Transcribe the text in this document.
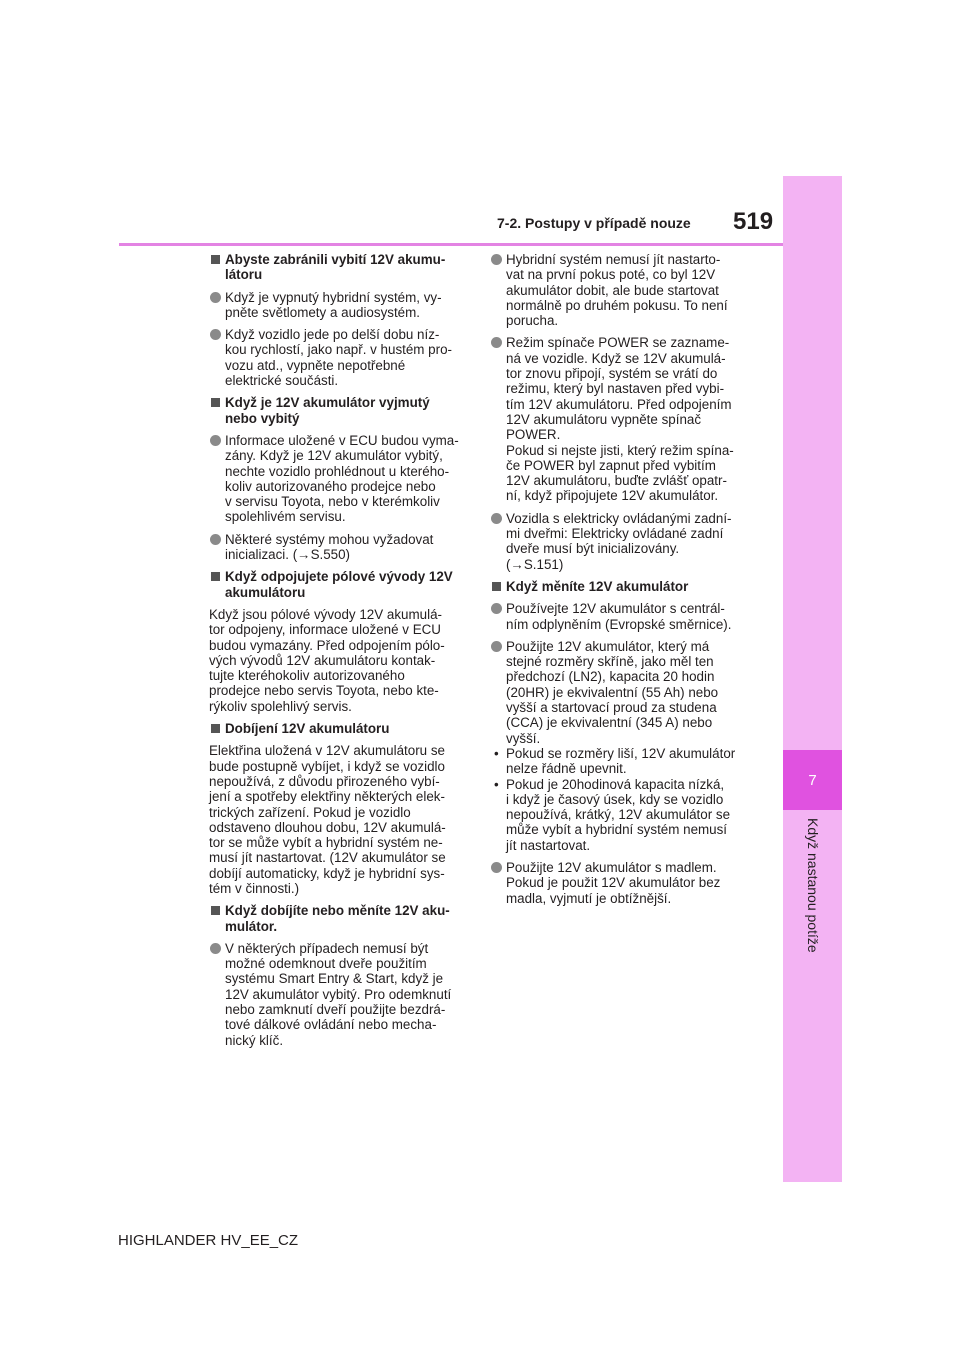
7
Když nastanou potíže
7-2. Postupy v případě nouze 519
Abyste zabránili vybití 12V akumu-
látoru
Když je vypnutý hybridní systém, vy-
pněte světlomety a audiosystém.
Když vozidlo jede po delší dobu níz-
kou rychlostí, jako např. v hustém pro-
vozu atd., vypněte nepotřebné
elektrické součásti.
Když je 12V akumulátor vyjmutý
nebo vybitý
Informace uložené v ECU budou vyma-
zány. Když je 12V akumulátor vybitý,
nechte vozidlo prohlédnout u kterého-
koliv autorizovaného prodejce nebo
v servisu Toyota, nebo v kterémkoliv
spolehlivém servisu.
Některé systémy mohou vyžadovat
inicializaci. (→S.550)
Když odpojujete pólové vývody 12V
akumulátoru
Když jsou pólové vývody 12V akumulá-
tor odpojeny, informace uložené v ECU
budou vymazány. Před odpojením pólo-
vých vývodů 12V akumulátoru kontak-
tujte kteréhokoliv autorizovaného
prodejce nebo servis Toyota, nebo kte-
rýkoliv spolehlivý servis.
Dobíjení 12V akumulátoru
Elektřina uložená v 12V akumulátoru se
bude postupně vybíjet, i když se vozidlo
nepoužívá, z důvodu přirozeného vybí-
jení a spotřeby elektřiny některých elek-
trických zařízení. Pokud je vozidlo
odstaveno dlouhou dobu, 12V akumulá-
tor se může vybít a hybridní systém ne-
musí jít nastartovat. (12V akumulátor se
dobíjí automaticky, když je hybridní sys-
tém v činnosti.)
Když dobíjíte nebo měníte 12V aku-
mulátor.
V některých případech nemusí být
možné odemknout dveře použitím
systému Smart Entry & Start, když je
12V akumulátor vybitý. Pro odemknutí
nebo zamknutí dveří použijte bezdrá-
tové dálkové ovládání nebo mecha-
nický klíč.
Hybridní systém nemusí jít nastarto-
vat na první pokus poté, co byl 12V
akumulátor dobit, ale bude startovat
normálně po druhém pokusu. To není
porucha.
Režim spínače POWER se zazname-
ná ve vozidle. Když se 12V akumulá-
tor znovu připojí, systém se vrátí do
režimu, který byl nastaven před vybi-
tím 12V akumulátoru. Před odpojením
12V akumulátoru vypněte spínač
POWER.
Pokud si nejste jisti, který režim spína-
če POWER byl zapnut před vybitím
12V akumulátoru, buďte zvlášť opatr-
ní, když připojujete 12V akumulátor.
Vozidla s elektricky ovládanými zadní-
mi dveřmi: Elektricky ovládané zadní
dveře musí být inicializovány.
(→S.151)
Když měníte 12V akumulátor
Používejte 12V akumulátor s centrál-
ním odplyněním (Evropské směrnice).
Použijte 12V akumulátor, který má
stejné rozměry skříně, jako měl ten
předchozí (LN2), kapacita 20 hodin
(20HR) je ekvivalentní (55 Ah) nebo
vyšší a startovací proud za studena
(CCA) je ekvivalentní (345 A) nebo
vyšší.
• Pokud se rozměry liší, 12V akumulátor
nelze řádně upevnit.
• Pokud je 20hodinová kapacita nízká,
i když je časový úsek, kdy se vozidlo
nepoužívá, krátký, 12V akumulátor se
může vybít a hybridní systém nemusí
jít nastartovat.
Použijte 12V akumulátor s madlem.
Pokud je použit 12V akumulátor bez
madla, vyjmutí je obtížnější.
HIGHLANDER HV_EE_CZ
